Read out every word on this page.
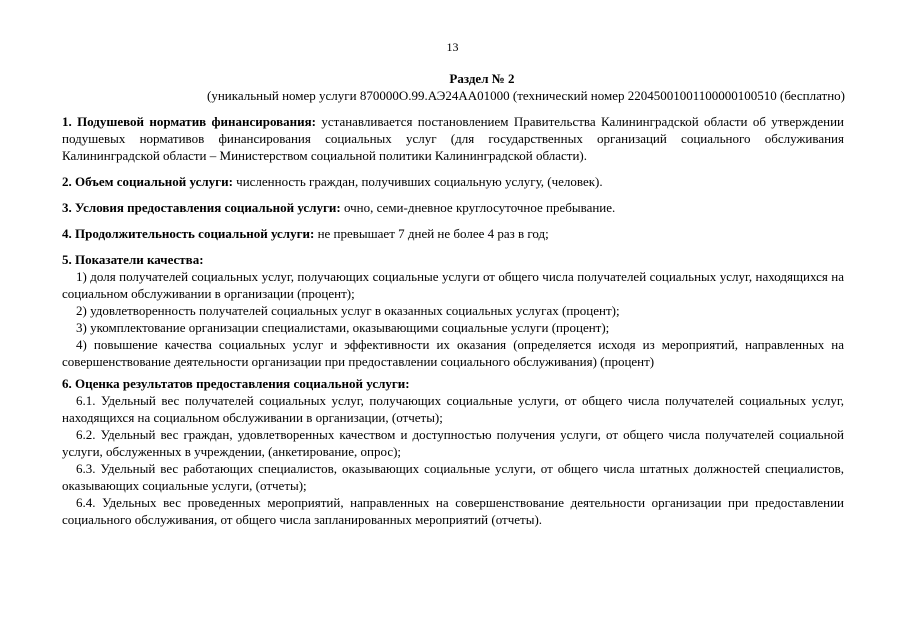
13
Раздел № 2
(уникальный номер услуги 870000О.99.АЭ24АА01000 (технический номер 22045001001100000100510 (бесплатно)

1. Подушевой норматив финансирования: устанавливается постановлением Правительства Калининградской области об утверждении подушевых нормативов финансирования социальных услуг (для государственных организаций социального обслуживания Калининградской области – Министерством социальной политики Калининградской области).

2. Объем социальной услуги: численность граждан, получивших социальную услугу, (человек).

3. Условия предоставления социальной услуги: очно, семи-дневное круглосуточное пребывание.

4. Продолжительность социальной услуги: не превышает 7 дней не более 4 раз в год;

5. Показатели качества:

1) доля получателей социальных услуг, получающих социальные услуги от общего числа получателей социальных услуг, находящихся на социальном обслуживании в организации (процент);

2) удовлетворенность получателей социальных услуг в оказанных социальных услугах (процент);

3) укомплектование организации специалистами, оказывающими социальные услуги (процент);

4) повышение качества социальных услуг и эффективности их оказания (определяется исходя из мероприятий, направленных на совершенствование деятельности организации при предоставлении социального обслуживания) (процент)

6. Оценка результатов предоставления социальной услуги:

6.1. Удельный вес получателей социальных услуг, получающих социальные услуги, от общего числа получателей социальных услуг, находящихся на социальном обслуживании в организации, (отчеты);

6.2. Удельный вес граждан, удовлетворенных качеством и доступностью получения услуги, от общего числа получателей социальной услуги, обслуженных в учреждении, (анкетирование, опрос);

6.3. Удельный вес работающих специалистов, оказывающих социальные услуги, от общего числа штатных должностей специалистов, оказывающих социальные услуги, (отчеты);

6.4. Удельных вес проведенных мероприятий, направленных на совершенствование деятельности организации при предоставлении социального обслуживания, от общего числа запланированных мероприятий (отчеты).
